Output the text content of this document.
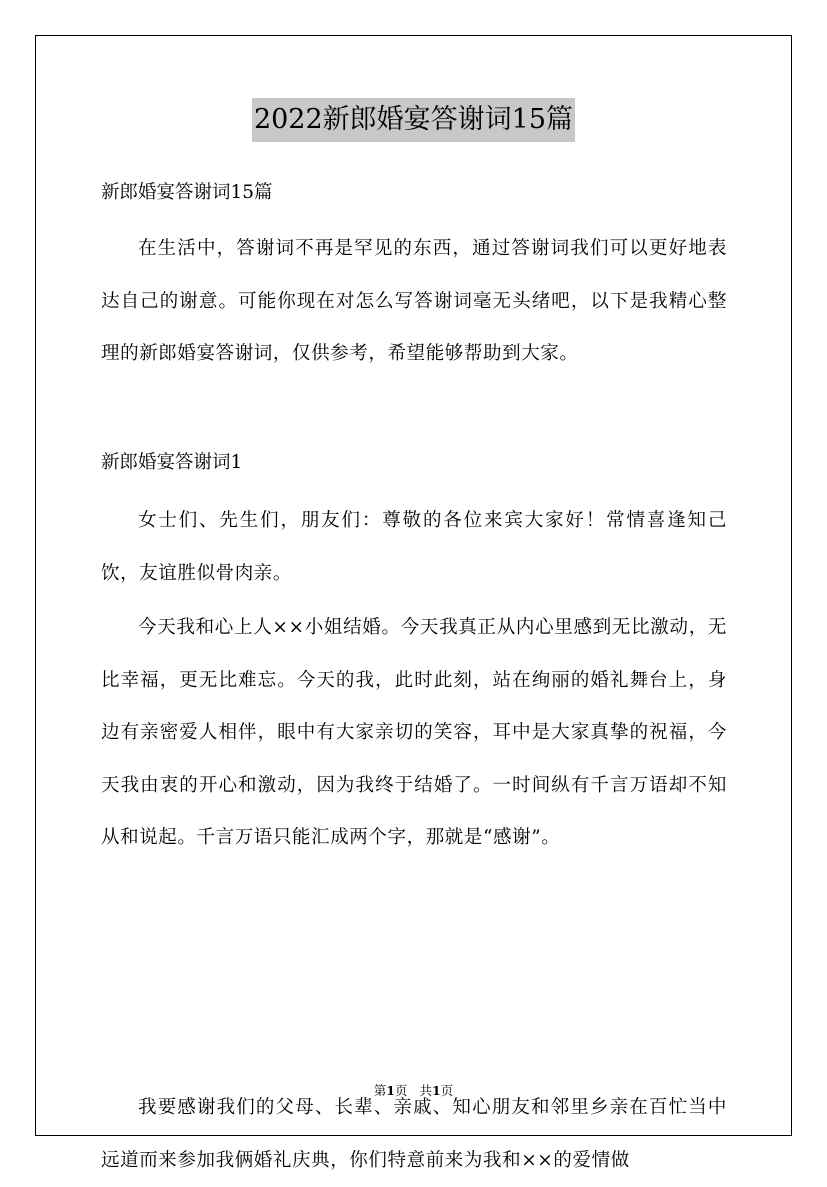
2022新郎婚宴答谢词15篇
新郎婚宴答谢词15篇
在生活中，答谢词不再是罕见的东西，通过答谢词我们可以更好地表达自己的谢意。可能你现在对怎么写答谢词毫无头绪吧，以下是我精心整理的新郎婚宴答谢词，仅供参考，希望能够帮助到大家。
新郎婚宴答谢词1
女士们、先生们，朋友们：尊敬的各位来宾大家好！常情喜逢知己饮，友谊胜似骨肉亲。
今天我和心上人××小姐结婚。今天我真正从内心里感到无比激动，无比幸福，更无比难忘。今天的我，此时此刻，站在绚丽的婚礼舞台上，身边有亲密爱人相伴，眼中有大家亲切的笑容，耳中是大家真挚的祝福，今天我由衷的开心和激动，因为我终于结婚了。一时间纵有千言万语却不知从和说起。千言万语只能汇成两个字，那就是“感谢”。
我要感谢我们的父母、长辈、亲戚、知心朋友和邻里乡亲在百忙当中远道而来参加我俩婚礼庆典，你们特意前来为我和××的爱情做
第1页 共1页
